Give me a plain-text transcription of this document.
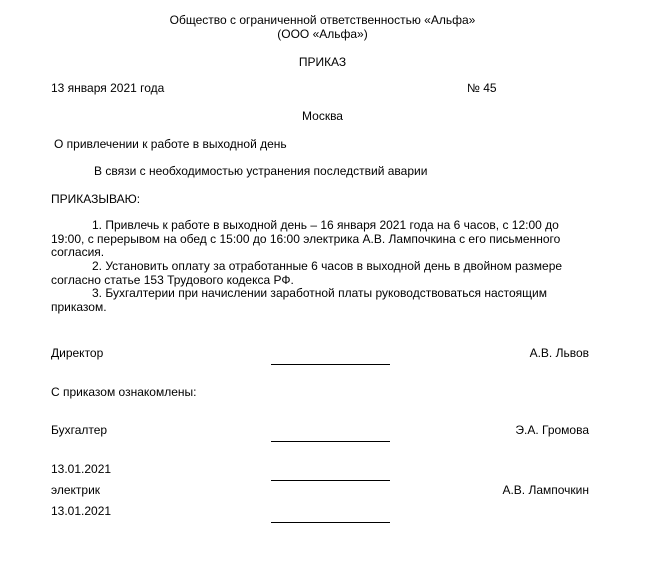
Общество с ограниченной ответственностью «Альфа»
(ООО «Альфа»)
ПРИКАЗ
13 января 2021 года	№ 45
Москва
О привлечении к работе в выходной день
В связи с необходимостью устранения последствий аварии
ПРИКАЗЫВАЮ:
1. Привлечь к работе в выходной день – 16 января 2021 года на 6 часов, с 12:00 до
19:00, с перерывом на обед с 15:00 до 16:00 электрика А.В. Лампочкина с его письменного согласия.
2. Установить оплату за отработанные 6 часов в выходной день в двойном размере
согласно статье 153 Трудового кодекса РФ.
3. Бухгалтерии при начислении заработной платы руководствоваться настоящим
приказом.
Директор	А.В. Львов
С приказом ознакомлены:
Бухгалтер	Э.А. Громова
13.01.2021
электрик	А.В. Лампочкин
13.01.2021
